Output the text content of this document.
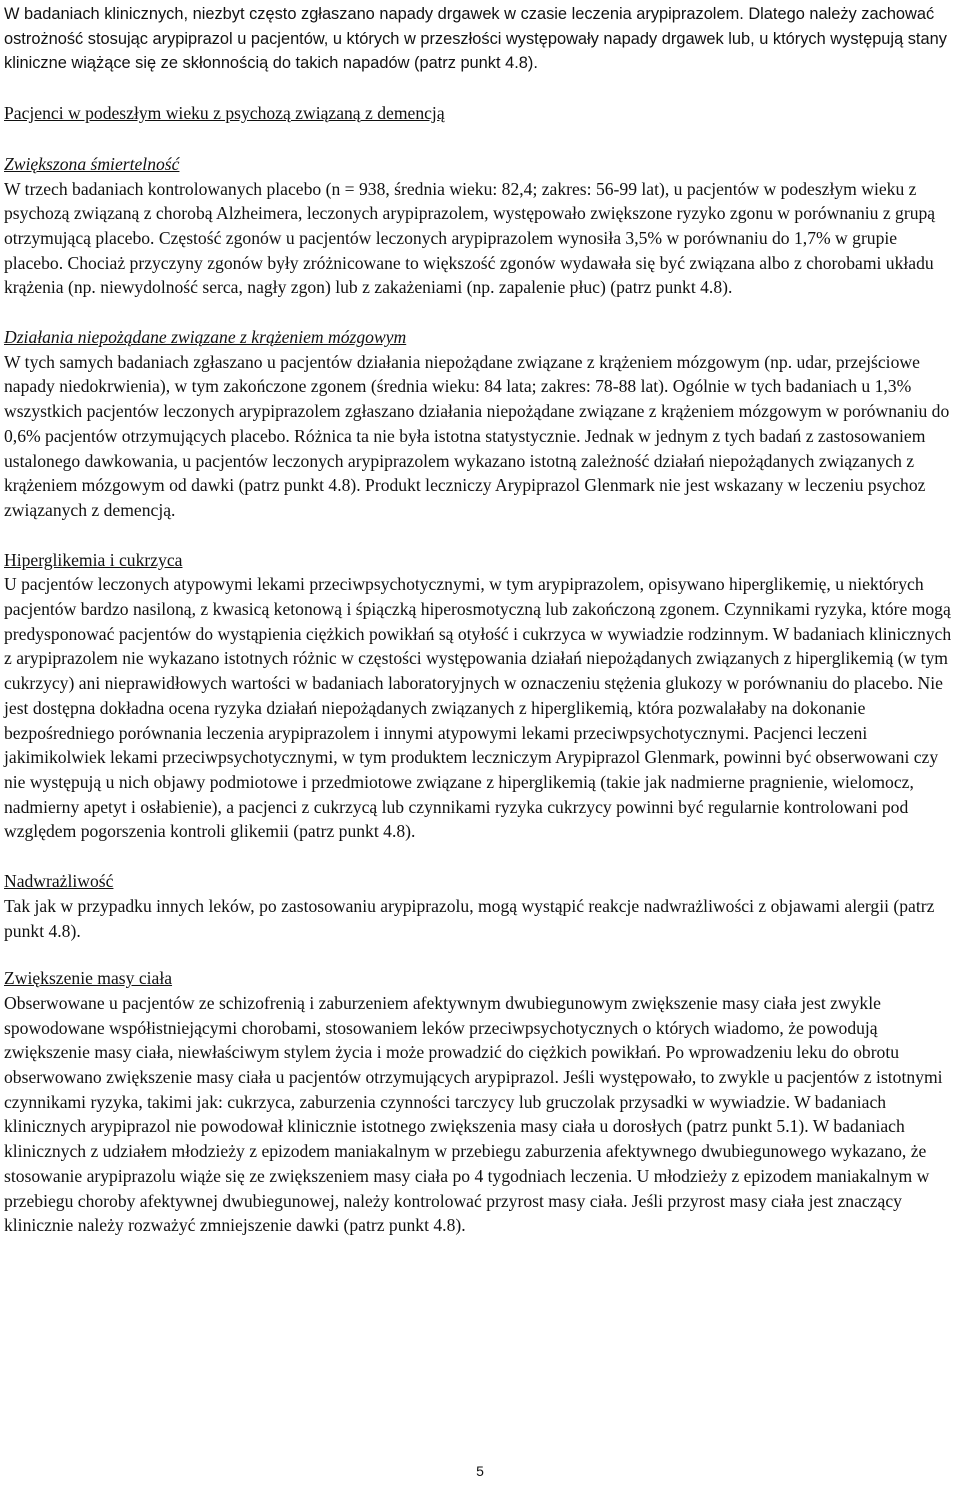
W badaniach klinicznych, niezbyt często zgłaszano napady drgawek w czasie leczenia arypiprazolem. Dlatego należy zachować ostrożność stosując arypiprazol u pacjentów, u których w przeszłości występowały napady drgawek lub, u których występują stany kliniczne wiążące się ze skłonnością do takich napadów (patrz punkt 4.8).

Pacjenci w podeszłym wieku z psychozą związaną z demencją

Zwiększona śmiertelność

W trzech badaniach kontrolowanych placebo (n = 938, średnia wieku: 82,4; zakres: 56-99 lat), u pacjentów w podeszłym wieku z psychozą związaną z chorobą Alzheimera, leczonych arypiprazolem, występowało zwiększone ryzyko zgonu w porównaniu z grupą otrzymującą placebo. Częstość zgonów u pacjentów leczonych arypiprazolem wynosiła 3,5% w porównaniu do 1,7% w grupie placebo. Chociaż przyczyny zgonów były zróżnicowane to większość zgonów wydawała się być związana albo z chorobami układu krążenia (np. niewydolność serca, nagły zgon) lub z zakażeniami (np. zapalenie płuc) (patrz punkt 4.8).

Działania niepożądane związane z krążeniem mózgowym

W tych samych badaniach zgłaszano u pacjentów działania niepożądane związane z krążeniem mózgowym (np. udar, przejściowe napady niedokrwienia), w tym zakończone zgonem (średnia wieku: 84 lata; zakres: 78-88 lat). Ogólnie w tych badaniach u 1,3% wszystkich pacjentów leczonych arypiprazolem zgłaszano działania niepożądane związane z krążeniem mózgowym w porównaniu do 0,6% pacjentów otrzymujących placebo. Różnica ta nie była istotna statystycznie. Jednak w jednym z tych badań z zastosowaniem ustalonego dawkowania, u pacjentów leczonych arypiprazolem wykazano istotną zależność działań niepożądanych związanych z krążeniem mózgowym od dawki (patrz punkt 4.8). Produkt leczniczy Arypiprazol Glenmark nie jest wskazany w leczeniu psychoz związanych z demencją.

Hiperglikemia i cukrzyca

U pacjentów leczonych atypowymi lekami przeciwpsychotycznymi, w tym arypiprazolem, opisywano hiperglikemię, u niektórych pacjentów bardzo nasiloną, z kwasicą ketonową i śpiączką hiperosmotyczną lub zakończoną zgonem. Czynnikami ryzyka, które mogą predysponować pacjentów do wystąpienia ciężkich powikłań są otyłość i cukrzyca w wywiadzie rodzinnym. W badaniach klinicznych z arypiprazolem nie wykazano istotnych różnic w częstości występowania działań niepożądanych związanych z hiperglikemią (w tym cukrzycy) ani nieprawidłowych wartości w badaniach laboratoryjnych w oznaczeniu stężenia glukozy w porównaniu do placebo. Nie jest dostępna dokładna ocena ryzyka działań niepożądanych związanych z hiperglikemią, która pozwalałaby na dokonanie bezpośredniego porównania leczenia arypiprazolem i innymi atypowymi lekami przeciwpsychotycznymi. Pacjenci leczeni jakimikolwiek lekami przeciwpsychotycznymi, w tym produktem leczniczym Arypiprazol Glenmark, powinni być obserwowani czy nie występują u nich objawy podmiotowe i przedmiotowe związane z hiperglikemią (takie jak nadmierne pragnienie, wielomocz, nadmierny apetyt i osłabienie), a pacjenci z cukrzycą lub czynnikami ryzyka cukrzycy powinni być regularnie kontrolowani pod względem pogorszenia kontroli glikemii (patrz punkt 4.8).

Nadwrażliwość

Tak jak w przypadku innych leków, po zastosowaniu arypiprazolu, mogą wystąpić reakcje nadwrażliwości z objawami alergii (patrz punkt 4.8).

Zwiększenie masy ciała

Obserwowane u pacjentów ze schizofrenią i zaburzeniem afektywnym dwubiegunowym zwiększenie masy ciała jest zwykle spowodowane współistniejącymi chorobami, stosowaniem leków przeciwpsychotycznych o których wiadomo, że powodują zwiększenie masy ciała, niewłaściwym stylem życia i może prowadzić do ciężkich powikłań. Po wprowadzeniu leku do obrotu obserwowano zwiększenie masy ciała u pacjentów otrzymujących arypiprazol. Jeśli występowało, to zwykle u pacjentów z istotnymi czynnikami ryzyka, takimi jak: cukrzyca, zaburzenia czynności tarczycy lub gruczolak przysadki w wywiadzie. W badaniach klinicznych arypiprazol nie powodował klinicznie istotnego zwiększenia masy ciała u dorosłych (patrz punkt 5.1). W badaniach klinicznych z udziałem młodzieży z epizodem maniakalnym w przebiegu zaburzenia afektywnego dwubiegunowego wykazano, że stosowanie arypiprazolu wiąże się ze zwiększeniem masy ciała po 4 tygodniach leczenia. U młodzieży z epizodem maniakalnym w przebiegu choroby afektywnej dwubiegunowej, należy kontrolować przyrost masy ciała. Jeśli przyrost masy ciała jest znaczący klinicznie należy rozważyć zmniejszenie dawki (patrz punkt 4.8).

5
